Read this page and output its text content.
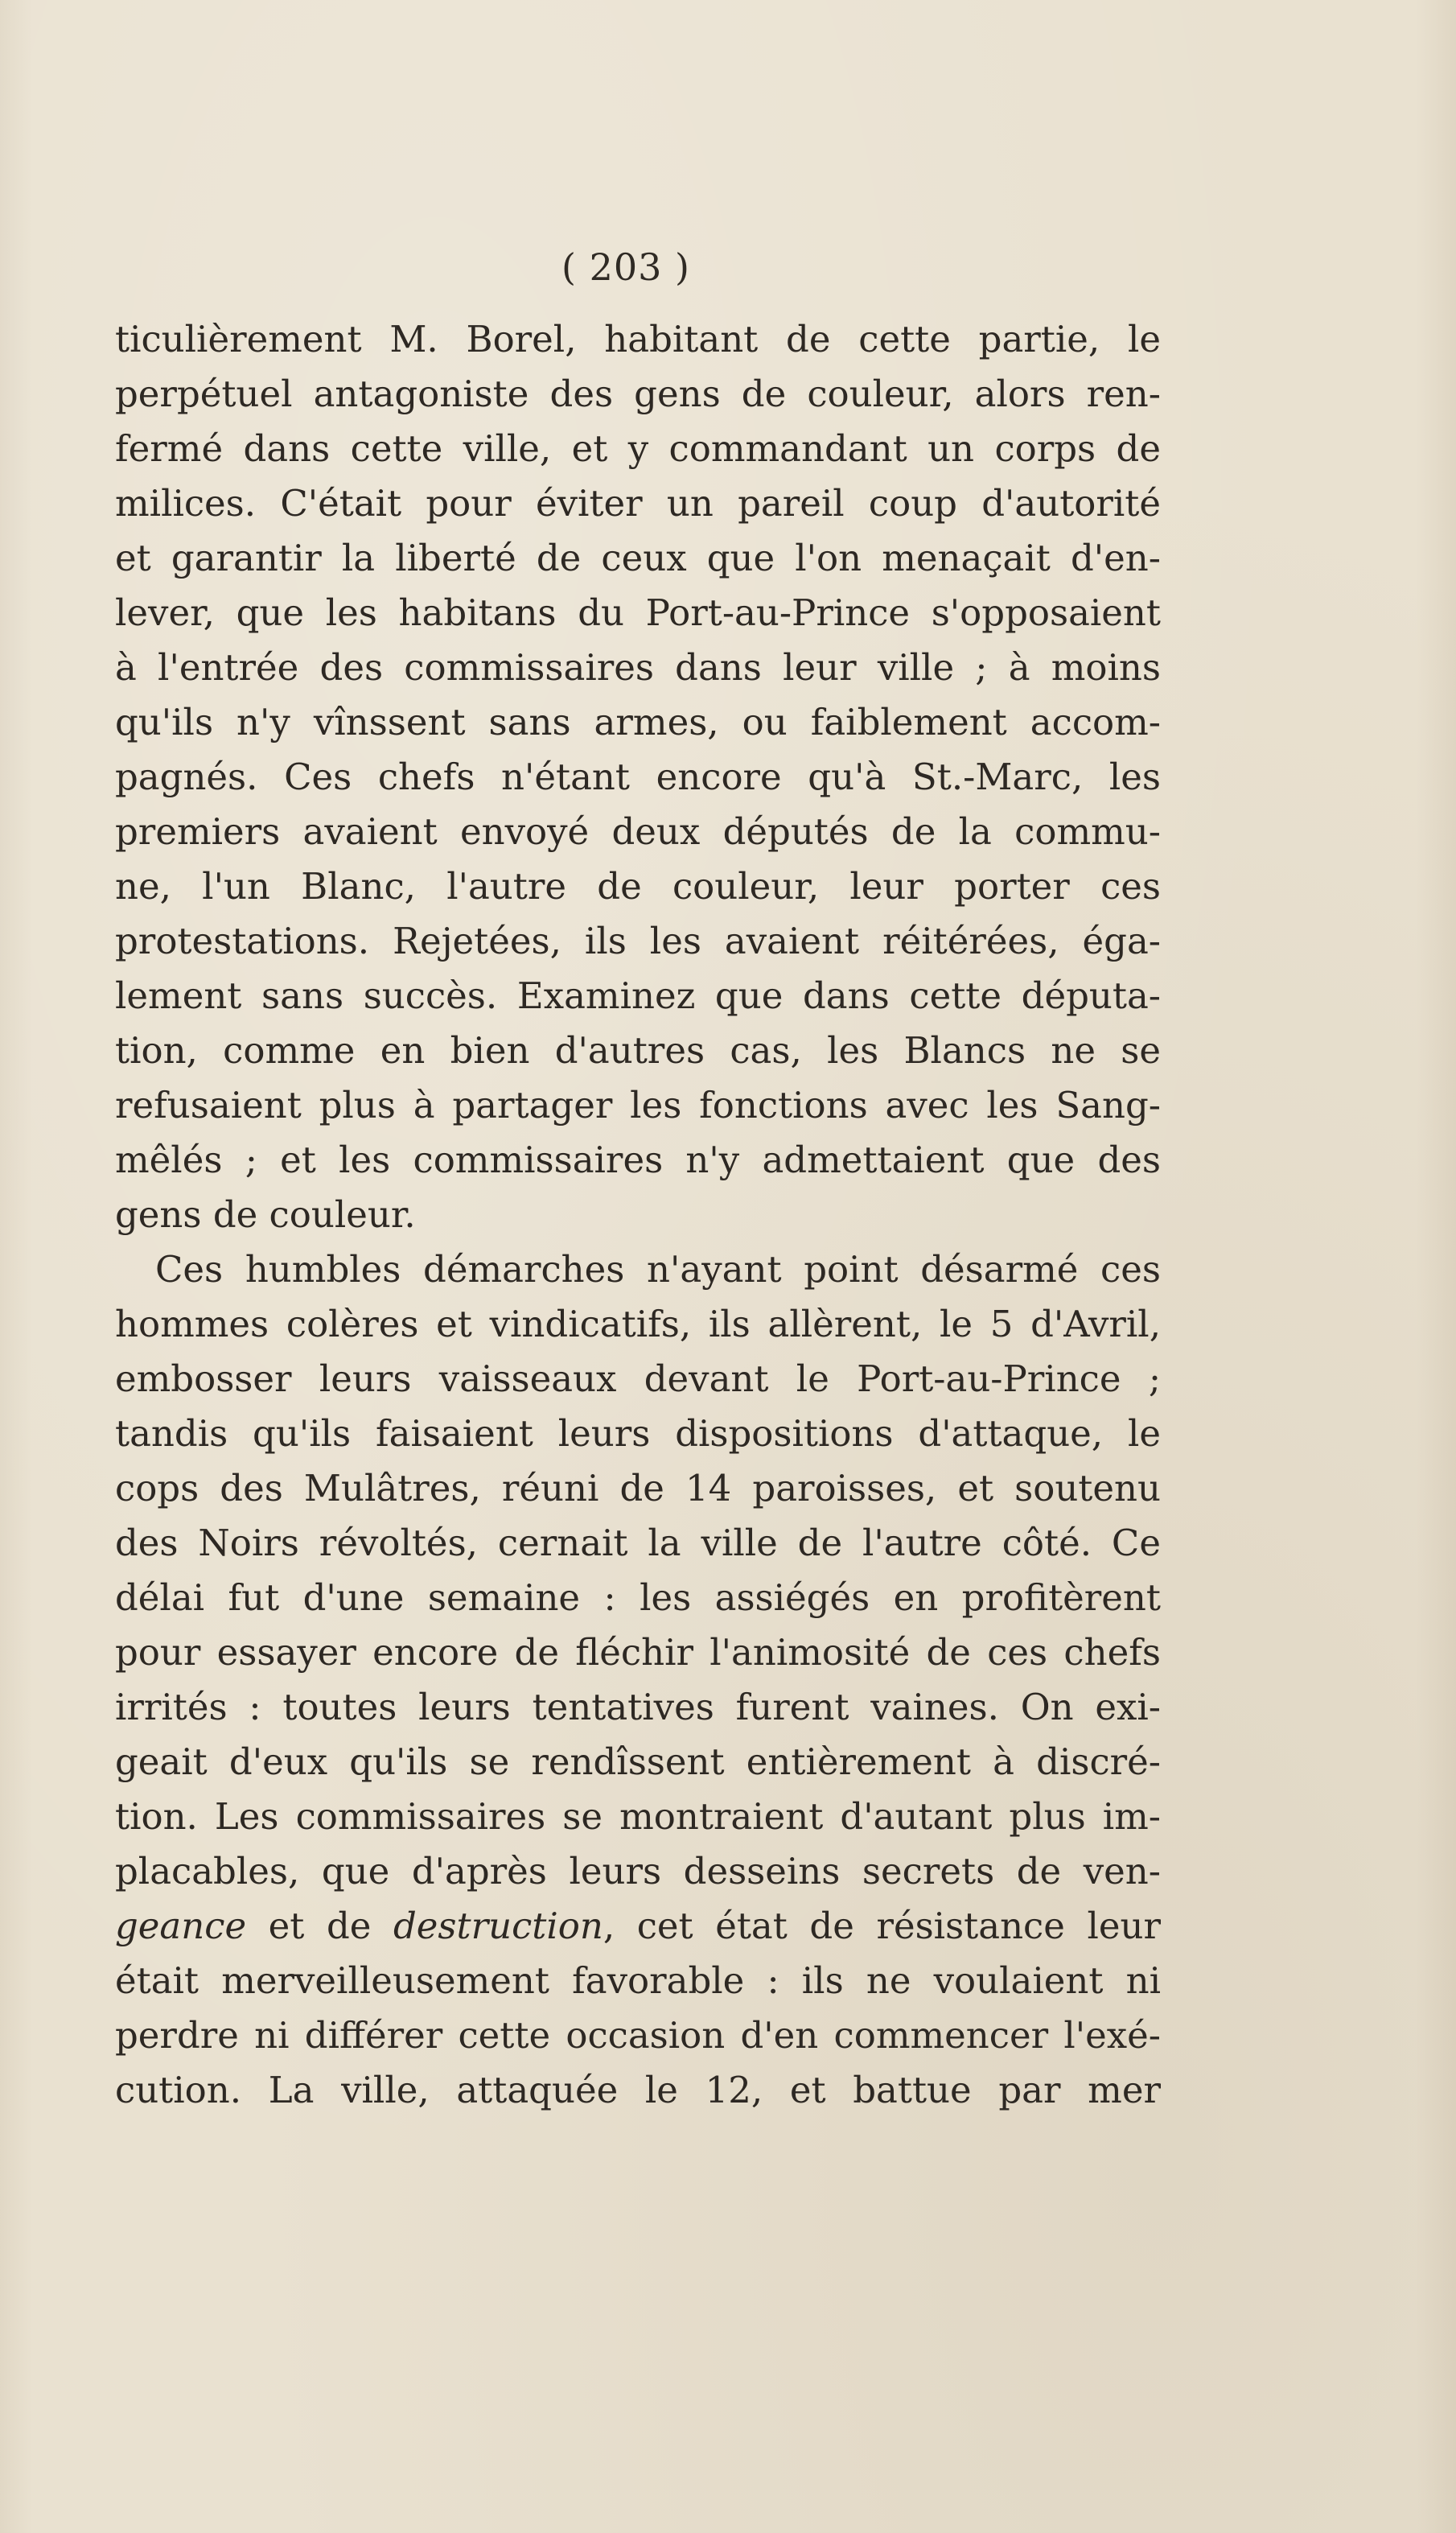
( 203 )
ticulièrement M. Borel, habitant de cette partie, le
perpétuel antagoniste des gens de couleur, alors ren-
fermé dans cette ville, et y commandant un corps de
milices. C'était pour éviter un pareil coup d'autorité
et garantir la liberté de ceux que l'on menaçait d'en-
lever, que les habitans du Port-au-Prince s'opposaient
à l'entrée des commissaires dans leur ville ; à moins
qu'ils n'y vînssent sans armes, ou faiblement accom-
pagnés. Ces chefs n'étant encore qu'à St.-Marc, les
premiers avaient envoyé deux députés de la commu-
ne, l'un Blanc, l'autre de couleur, leur porter ces
protestations. Rejetées, ils les avaient réitérées, éga-
lement sans succès. Examinez que dans cette députa-
tion, comme en bien d'autres cas, les Blancs ne se
refusaient plus à partager les fonctions avec les Sang-
mêlés ; et les commissaires n'y admettaient que des
gens de couleur.
Ces humbles démarches n'ayant point désarmé ces
hommes colères et vindicatifs, ils allèrent, le 5 d'Avril,
embosser leurs vaisseaux devant le Port-au-Prince ;
tandis qu'ils faisaient leurs dispositions d'attaque, le
cops des Mulâtres, réuni de 14 paroisses, et soutenu
des Noirs révoltés, cernait la ville de l'autre côté. Ce
délai fut d'une semaine : les assiégés en profitèrent
pour essayer encore de fléchir l'animosité de ces chefs
irrités : toutes leurs tentatives furent vaines. On exi-
geait d'eux qu'ils se rendîssent entièrement à discré-
tion. Les commissaires se montraient d'autant plus im-
placables, que d'après leurs desseins secrets de ven-
geance et de destruction, cet état de résistance leur
était merveilleusement favorable : ils ne voulaient ni
perdre ni différer cette occasion d'en commencer l'exé-
cution. La ville, attaquée le 12, et battue par mer
